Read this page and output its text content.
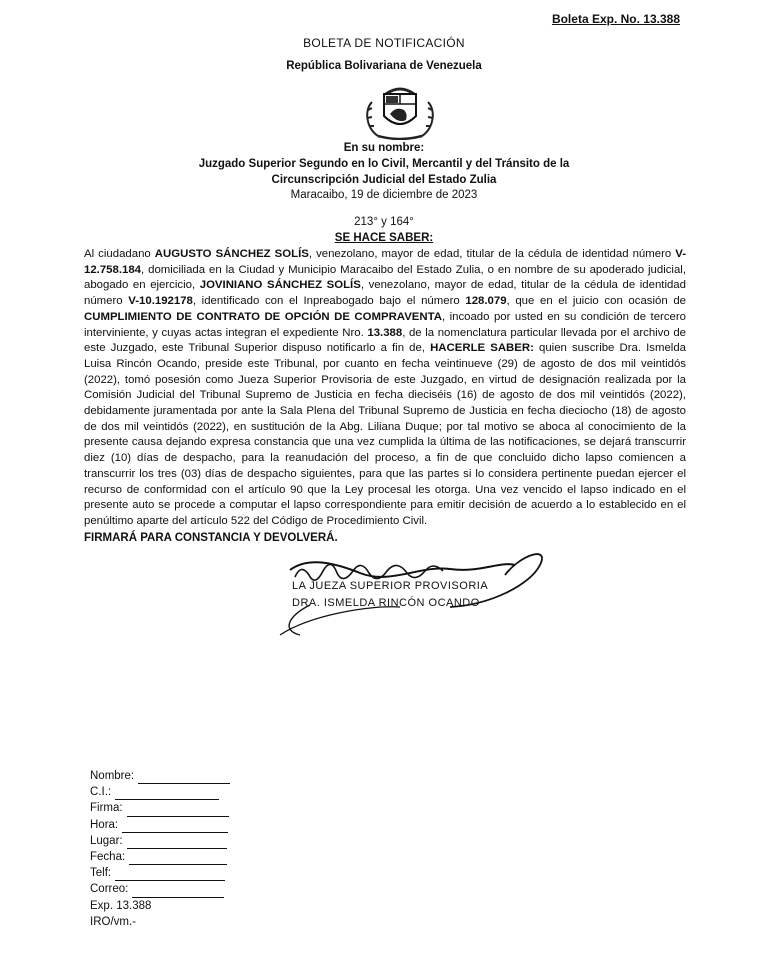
Boleta Exp. No. 13.388
BOLETA DE NOTIFICACIÓN
República Bolivariana de Venezuela
En su nombre:
Juzgado Superior Segundo en lo Civil, Mercantil y del Tránsito de la
Circunscripción Judicial del Estado Zulia
Maracaibo, 19 de diciembre de 2023
213° y 164°
SE HACE SABER:
Al ciudadano AUGUSTO SÁNCHEZ SOLÍS, venezolano, mayor de edad, titular de la cédula de identidad número V-12.758.184, domiciliada en la Ciudad y Municipio Maracaibo del Estado Zulia, o en nombre de su apoderado judicial, abogado en ejercicio, JOVINIANO SÁNCHEZ SOLÍS, venezolano, mayor de edad, titular de la cédula de identidad número V-10.192178, identificado con el Inpreabogado bajo el número 128.079, que en el juicio con ocasión de CUMPLIMIENTO DE CONTRATO DE OPCIÓN DE COMPRAVENTA, incoado por usted en su condición de tercero interviniente, y cuyas actas integran el expediente Nro. 13.388, de la nomenclatura particular llevada por el archivo de este Juzgado, este Tribunal Superior dispuso notificarlo a fin de, HACERLE SABER: quien suscribe Dra. Ismelda Luisa Rincón Ocando, preside este Tribunal, por cuanto en fecha veintinueve (29) de agosto de dos mil veintidós (2022), tomó posesión como Jueza Superior Provisoria de este Juzgado, en virtud de designación realizada por la Comisión Judicial del Tribunal Supremo de Justicia en fecha dieciséis (16) de agosto de dos mil veintidós (2022), debidamente juramentada por ante la Sala Plena del Tribunal Supremo de Justicia en fecha dieciocho (18) de agosto de dos mil veintidós (2022), en sustitución de la Abg. Liliana Duque; por tal motivo se aboca al conocimiento de la presente causa dejando expresa constancia que una vez cumplida la última de las notificaciones, se dejará transcurrir diez (10) días de despacho, para la reanudación del proceso, a fin de que concluido dicho lapso comiencen a transcurrir los tres (03) días de despacho siguientes, para que las partes si lo considera pertinente puedan ejercer el recurso de conformidad con el artículo 90 que la Ley procesal les otorga. Una vez vencido el lapso indicado en el presente auto se procede a computar el lapso correspondiente para emitir decisión de acuerdo a lo establecido en el penúltimo aparte del artículo 522 del Código de Procedimiento Civil.
FIRMARÁ PARA CONSTANCIA Y DEVOLVERÁ.
LA JUEZA SUPERIOR PROVISORIA
DRA. ISMELDA RINCÓN OCANDO
Nombre:
C.I.:
Firma:
Hora:
Lugar:
Fecha:
Telf:
Correo:
Exp. 13.388
IRO/vm.-
